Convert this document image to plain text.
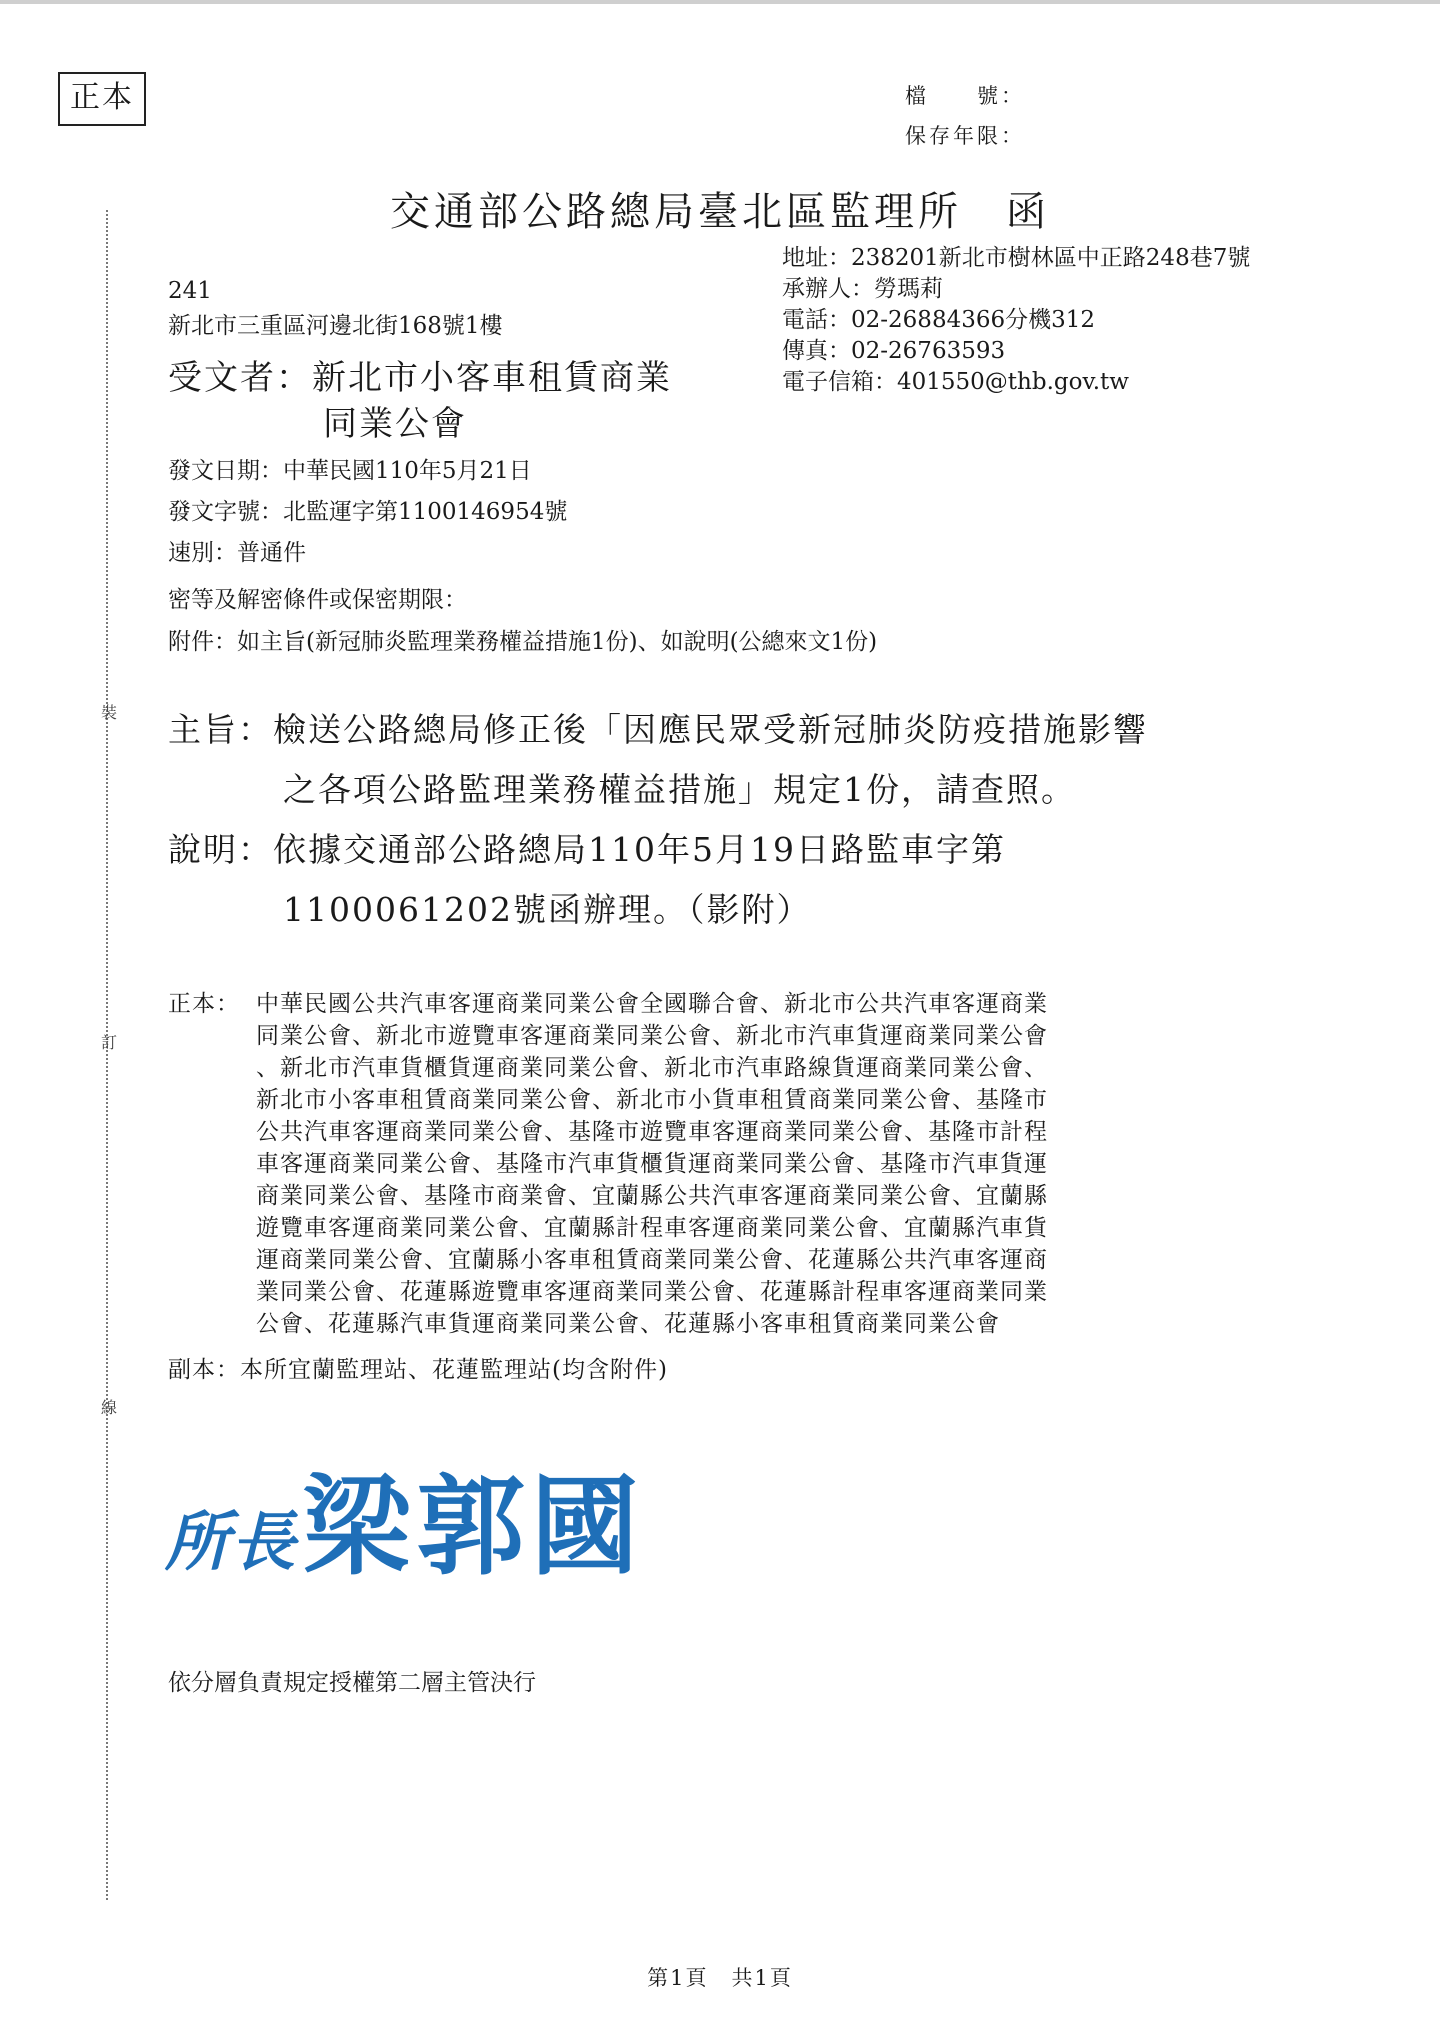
正本	檔　　號：
保存年限：
交通部公路總局臺北區監理所　函
裝
訂
線
地址：238201新北市樹林區中正路248巷7號
承辦人：勞瑪莉
電話：02-26884366分機312
傳真：02-26763593
電子信箱：401550@thb.gov.tw
241
新北市三重區河邊北街168號1樓
受文者：新北市小客車租賃商業
同業公會
發文日期：中華民國110年5月21日
發文字號：北監運字第1100146954號
速別：普通件
密等及解密條件或保密期限：
附件：如主旨(新冠肺炎監理業務權益措施1份)、如說明(公總來文1份)
主旨：檢送公路總局修正後「因應民眾受新冠肺炎防疫措施影響
之各項公路監理業務權益措施」規定1份，請查照。
說明：依據交通部公路總局110年5月19日路監車字第
1100061202號函辦理。（影附）
正本： 中華民國公共汽車客運商業同業公會全國聯合會、新北市公共汽車客運商業
同業公會、新北市遊覽車客運商業同業公會、新北市汽車貨運商業同業公會
、新北市汽車貨櫃貨運商業同業公會、新北市汽車路線貨運商業同業公會、
新北市小客車租賃商業同業公會、新北市小貨車租賃商業同業公會、基隆市
公共汽車客運商業同業公會、基隆市遊覽車客運商業同業公會、基隆市計程
車客運商業同業公會、基隆市汽車貨櫃貨運商業同業公會、基隆市汽車貨運
商業同業公會、基隆市商業會、宜蘭縣公共汽車客運商業同業公會、宜蘭縣
遊覽車客運商業同業公會、宜蘭縣計程車客運商業同業公會、宜蘭縣汽車貨
運商業同業公會、宜蘭縣小客車租賃商業同業公會、花蓮縣公共汽車客運商
業同業公會、花蓮縣遊覽車客運商業同業公會、花蓮縣計程車客運商業同業
公會、花蓮縣汽車貨運商業同業公會、花蓮縣小客車租賃商業同業公會
副本：本所宜蘭監理站、花蓮監理站(均含附件)
所長 梁郭國
依分層負責規定授權第二層主管決行
第1頁　共1頁
